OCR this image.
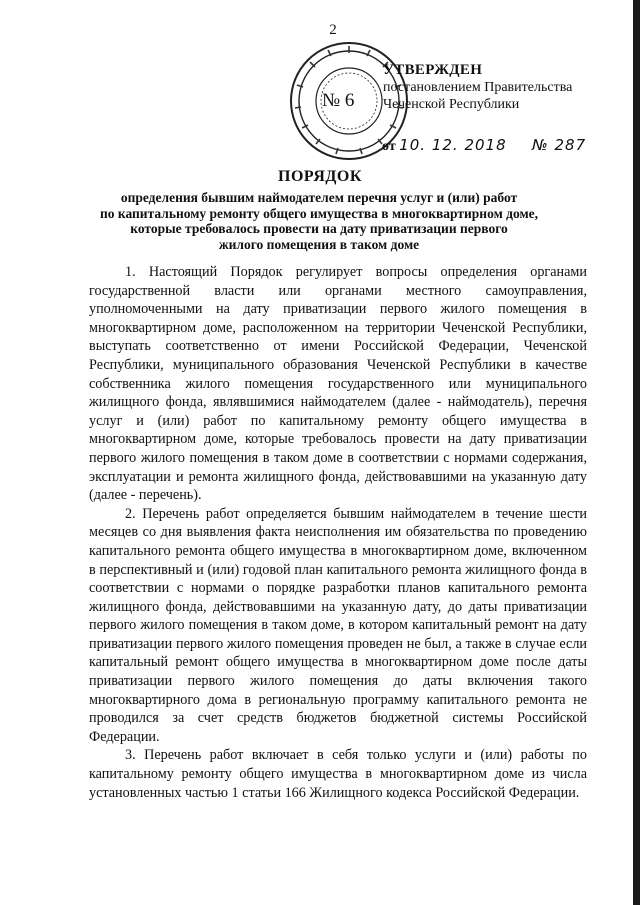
2
№ 6
УТВЕРЖДЕН
постановлением Правительства
Чеченской Республики
от 10. 12. 2018 № 287
ПОРЯДОК
определения бывшим наймодателем перечня услуг и (или) работ
по капитальному ремонту общего имущества в многоквартирном доме,
которые требовалось провести на дату приватизации первого
жилого помещения в таком доме

1. Настоящий Порядок регулирует вопросы определения органами государственной власти или органами местного самоуправления, уполномоченными на дату приватизации первого жилого помещения в многоквартирном доме, расположенном на территории Чеченской Республики, выступать соответственно от имени Российской Федерации, Чеченской Республики, муниципального образования Чеченской Республики в качестве собственника жилого помещения государственного или муниципального жилищного фонда, являвшимися наймодателем (далее - наймодатель), перечня услуг и (или) работ по капитальному ремонту общего имущества в многоквартирном доме, которые требовалось провести на дату приватизации первого жилого помещения в таком доме в соответствии с нормами содержания, эксплуатации и ремонта жилищного фонда, действовавшими на указанную дату (далее - перечень).

2. Перечень работ определяется бывшим наймодателем в течение шести месяцев со дня выявления факта неисполнения им обязательства по проведению капитального ремонта общего имущества в многоквартирном доме, включенном в перспективный и (или) годовой план капитального ремонта жилищного фонда в соответствии с нормами о порядке разработки планов капитального ремонта жилищного фонда, действовавшими на указанную дату, до даты приватизации первого жилого помещения в таком доме, в котором капитальный ремонт на дату приватизации первого жилого помещения проведен не был, а также в случае если капитальный ремонт общего имущества в многоквартирном доме после даты приватизации первого жилого помещения до даты включения такого многоквартирного дома в региональную программу капитального ремонта не проводился за счет средств бюджетов бюджетной системы Российской Федерации.

3. Перечень работ включает в себя только услуги и (или) работы по капитальному ремонту общего имущества в многоквартирном доме из числа установленных частью 1 статьи 166 Жилищного кодекса Российской Федерации.
